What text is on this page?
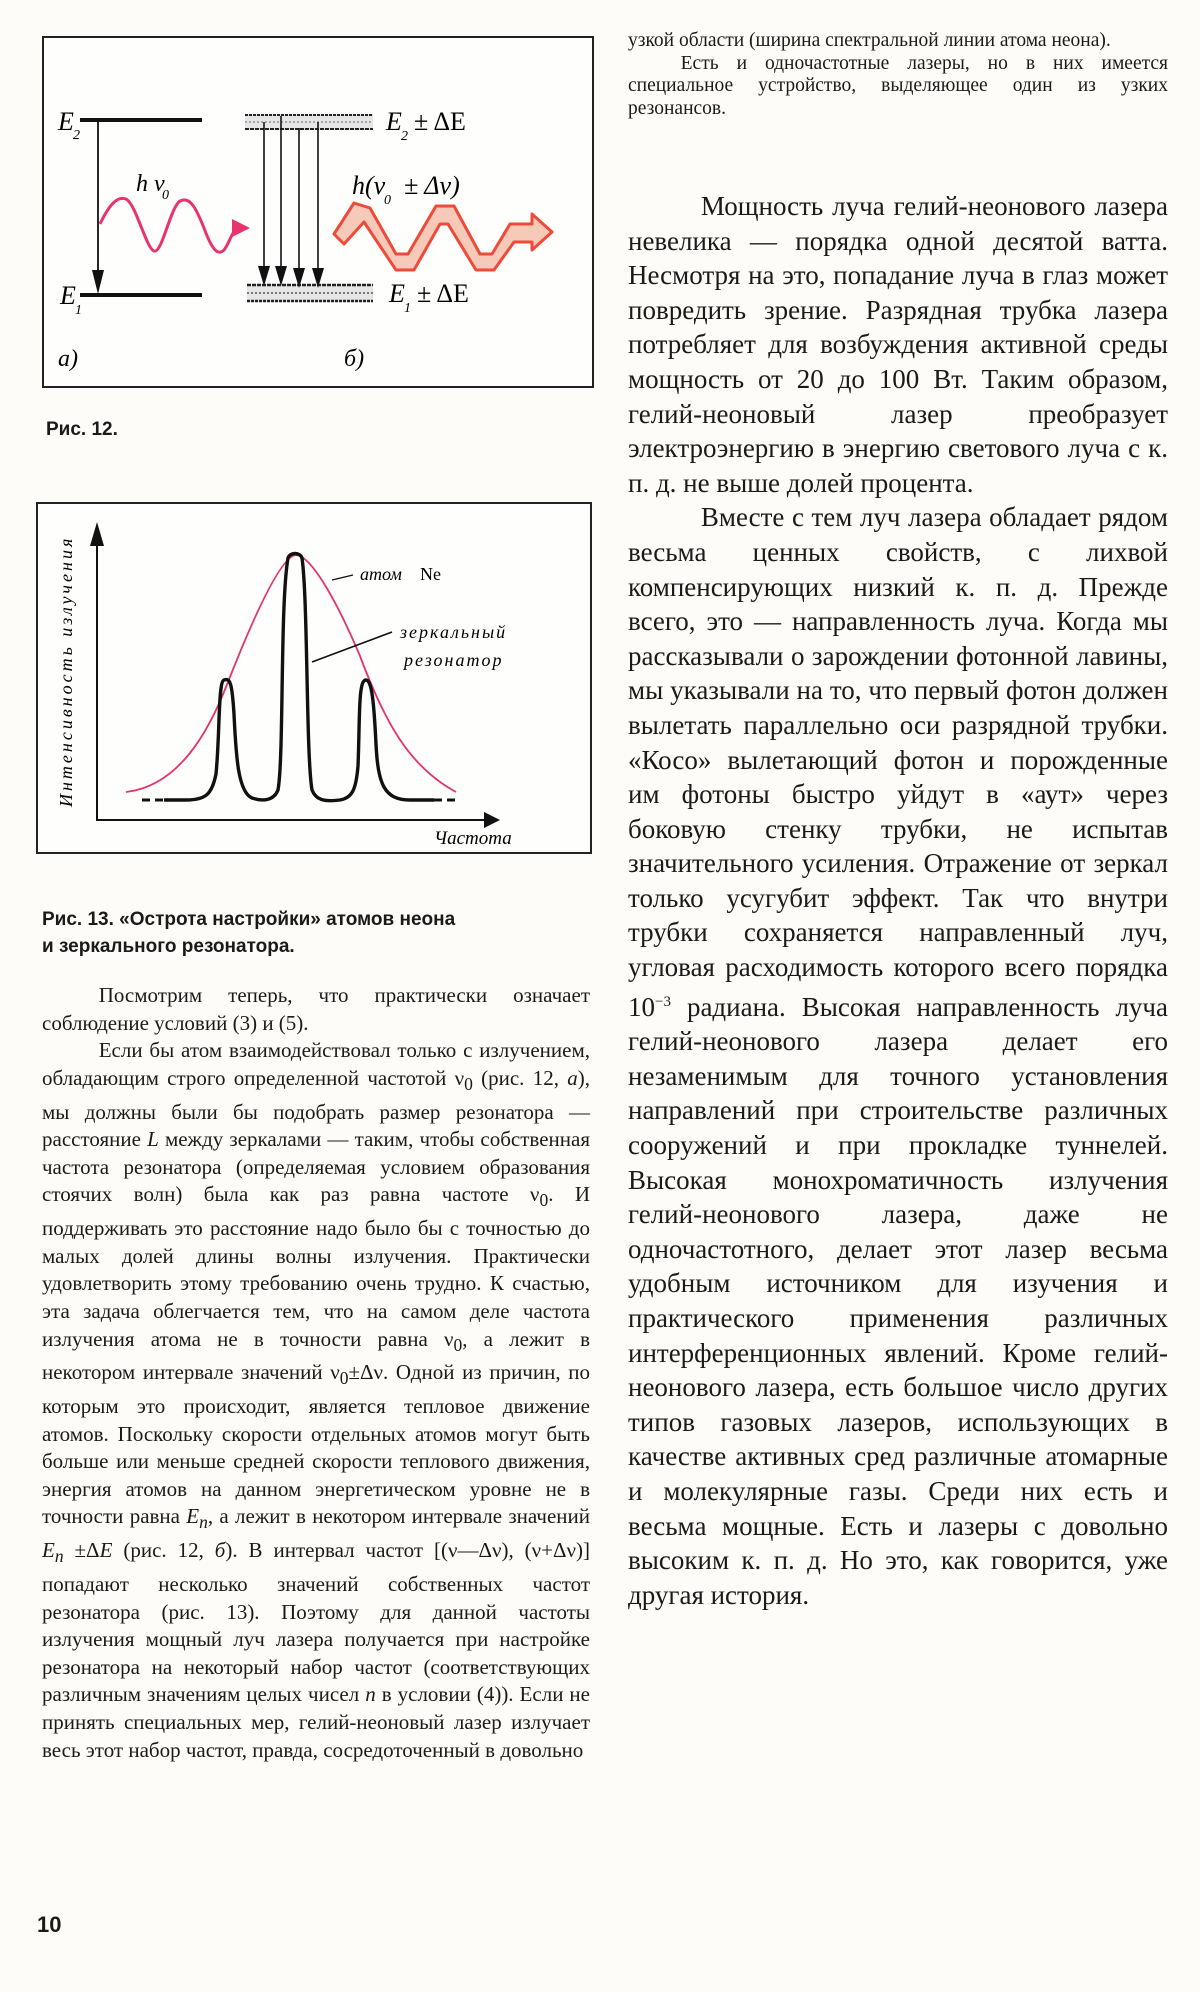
E 2
E
1
h ν
0
а)
E
2
± ΔE
E
1
± ΔE
h(ν
0
± Δν)
б)
Рис. 12.
Интенсивность излучения
Частота
атом Ne
зеркальный
резонатор
Рис. 13. «Острота настройки» атомов неона
и зеркального резонатора.

Посмотрим теперь, что практически означает соблюдение условий (3) и (5).

Если бы атом взаимодействовал только с излучением, обладающим строго определенной частотой $\nu_0$ (рис. 12, а), мы должны были бы подобрать размер резонатора — расстояние L между зеркалами — таким, чтобы собственная частота резонатора (определяемая условием образования стоячих волн) была как раз равна частоте $\nu_0$. И поддерживать это расстояние надо было бы с точностью до малых долей длины волны излучения. Практически удовлетворить этому требованию очень трудно. К счастью, эта задача облегчается тем, что на самом деле частота излучения атома не в точности равна $\nu_0$, а лежит в некотором интервале значений $\nu_0\pm\Delta\nu$. Одной из причин, по которым это происходит, является тепловое движение атомов. Поскольку скорости отдельных атомов могут быть больше или меньше средней скорости теплового движения, энергия атомов на данном энергетическом уровне не в точности равна $E_n$, а лежит в некотором интервале значений $E_n \pm\Delta E$ (рис. 12, б). В интервал частот [(ν—Δν), (ν+Δν)] попадают несколько значений собственных частот резонатора (рис. 13). Поэтому для данной частоты излучения мощный луч лазера получается при настройке резонатора на некоторый набор частот (соответствующих различным значениям целых чисел n в условии (4)). Если не принять специальных мер, гелий-неоновый лазер излучает весь этот набор частот, правда, сосредоточенный в довольно

узкой области (ширина спектральной линии атома неона).

Есть и одночастотные лазеры, но в них имеется специальное устройство, выделяющее один из узких резонансов.

Мощность луча гелий-неонового лазера невелика — порядка одной десятой ватта. Несмотря на это, попадание луча в глаз может повредить зрение. Разрядная трубка лазера потребляет для возбуждения активной среды мощность от 20 до 100 Вт. Таким образом, гелий-неоновый лазер преобразует электроэнергию в энергию светового луча с к. п. д. не выше долей процента.

Вместе с тем луч лазера обладает рядом весьма ценных свойств, с лихвой компенсирующих низкий к. п. д. Прежде всего, это — направленность луча. Когда мы рассказывали о зарождении фотонной лавины, мы указывали на то, что первый фотон должен вылетать параллельно оси разрядной трубки. «Косо» вылетающий фотон и порожденные им фотоны быстро уйдут в «аут» через боковую стенку трубки, не испытав значительного усиления. Отражение от зеркал только усугубит эффект. Так что внутри трубки сохраняется направленный луч, угловая расходимость которого всего порядка $10^{-3}$ радиана. Высокая направленность луча гелий-неонового лазера делает его незаменимым для точного установления направлений при строительстве различных сооружений и при прокладке туннелей. Высокая монохроматичность излучения гелий-неонового лазера, даже не одночастотного, делает этот лазер весьма удобным источником для изучения и практического применения различных интерференционных явлений. Кроме гелий-неонового лазера, есть большое число других типов газовых лазеров, использующих в качестве активных сред различные атомарные и молекулярные газы. Среди них есть и весьма мощные. Есть и лазеры с довольно высоким к. п. д. Но это, как говорится, уже другая история.

10
